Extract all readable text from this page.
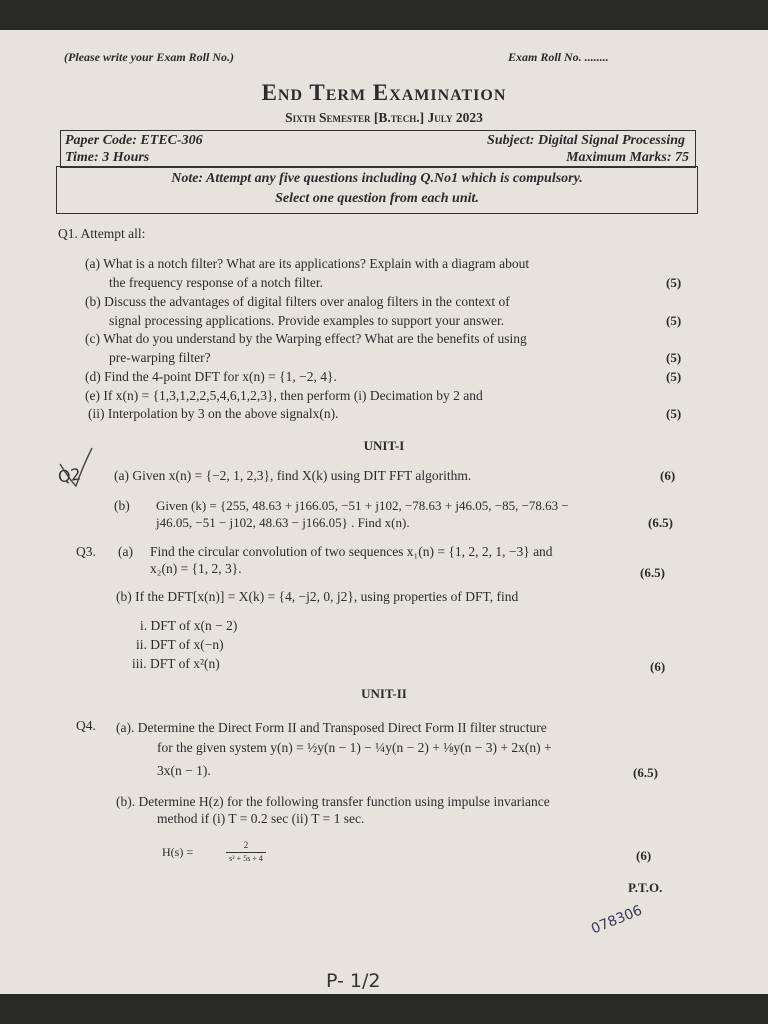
(Please write your Exam Roll No.)	Exam Roll No. ........
End Term Examination
Sixth Semester [B.tech.] July 2023
Paper Code: ETEC-306	Subject: Digital Signal Processing
Time: 3 Hours	Maximum Marks: 75
Note: Attempt any five questions including Q.No1 which is compulsory.
Select one question from each unit.
Q1. Attempt all:
(a) What is a notch filter? What are its applications? Explain with a diagram about
the frequency response of a notch filter.	(5)
(b) Discuss the advantages of digital filters over analog filters in the context of
signal processing applications. Provide examples to support your answer.	(5)
(c) What do you understand by the Warping effect? What are the benefits of using
pre-warping filter?	(5)
(d) Find the 4-point DFT for x(n) = {1, −2, 4}.	(5)
(e) If x(n) = {1,3,1,2,2,5,4,6,1,2,3}, then perform (i) Decimation by 2 and
(ii) Interpolation by 3 on the above signalx(n).	(5)
UNIT-I
Q2 (a) Given x(n) = {−2, 1, 2,3}, find X(k) using DIT FFT algorithm.	(6)
(b) Given (k) = {255, 48.63 + j166.05, −51 + j102, −78.63 + j46.05, −85, −78.63 −
j46.05, −51 − j102, 48.63 − j166.05} . Find x(n).	(6.5)
Q3. (a) Find the circular convolution of two sequences x₁(n) = {1, 2, 2, 1, −3} and
x₂(n) = {1, 2, 3}.	(6.5)
(b) If the DFT[x(n)] = X(k) = {4, −j2, 0, j2}, using properties of DFT, find
i. DFT of x(n − 2)
ii. DFT of x(−n)
iii. DFT of x²(n)	(6)
UNIT-II
Q4. (a). Determine the Direct Form II and Transposed Direct Form II filter structure
for the given system y(n) = ½y(n − 1) − ¼y(n − 2) + ⅛y(n − 3) + 2x(n) +
3x(n − 1).	(6.5)
(b). Determine H(z) for the following transfer function using impulse invariance
method if (i) T = 0.2 sec (ii) T = 1 sec.
H(s) =	2
s² + 5s + 4	(6)
P.T.O.
078306
P- 1/2
